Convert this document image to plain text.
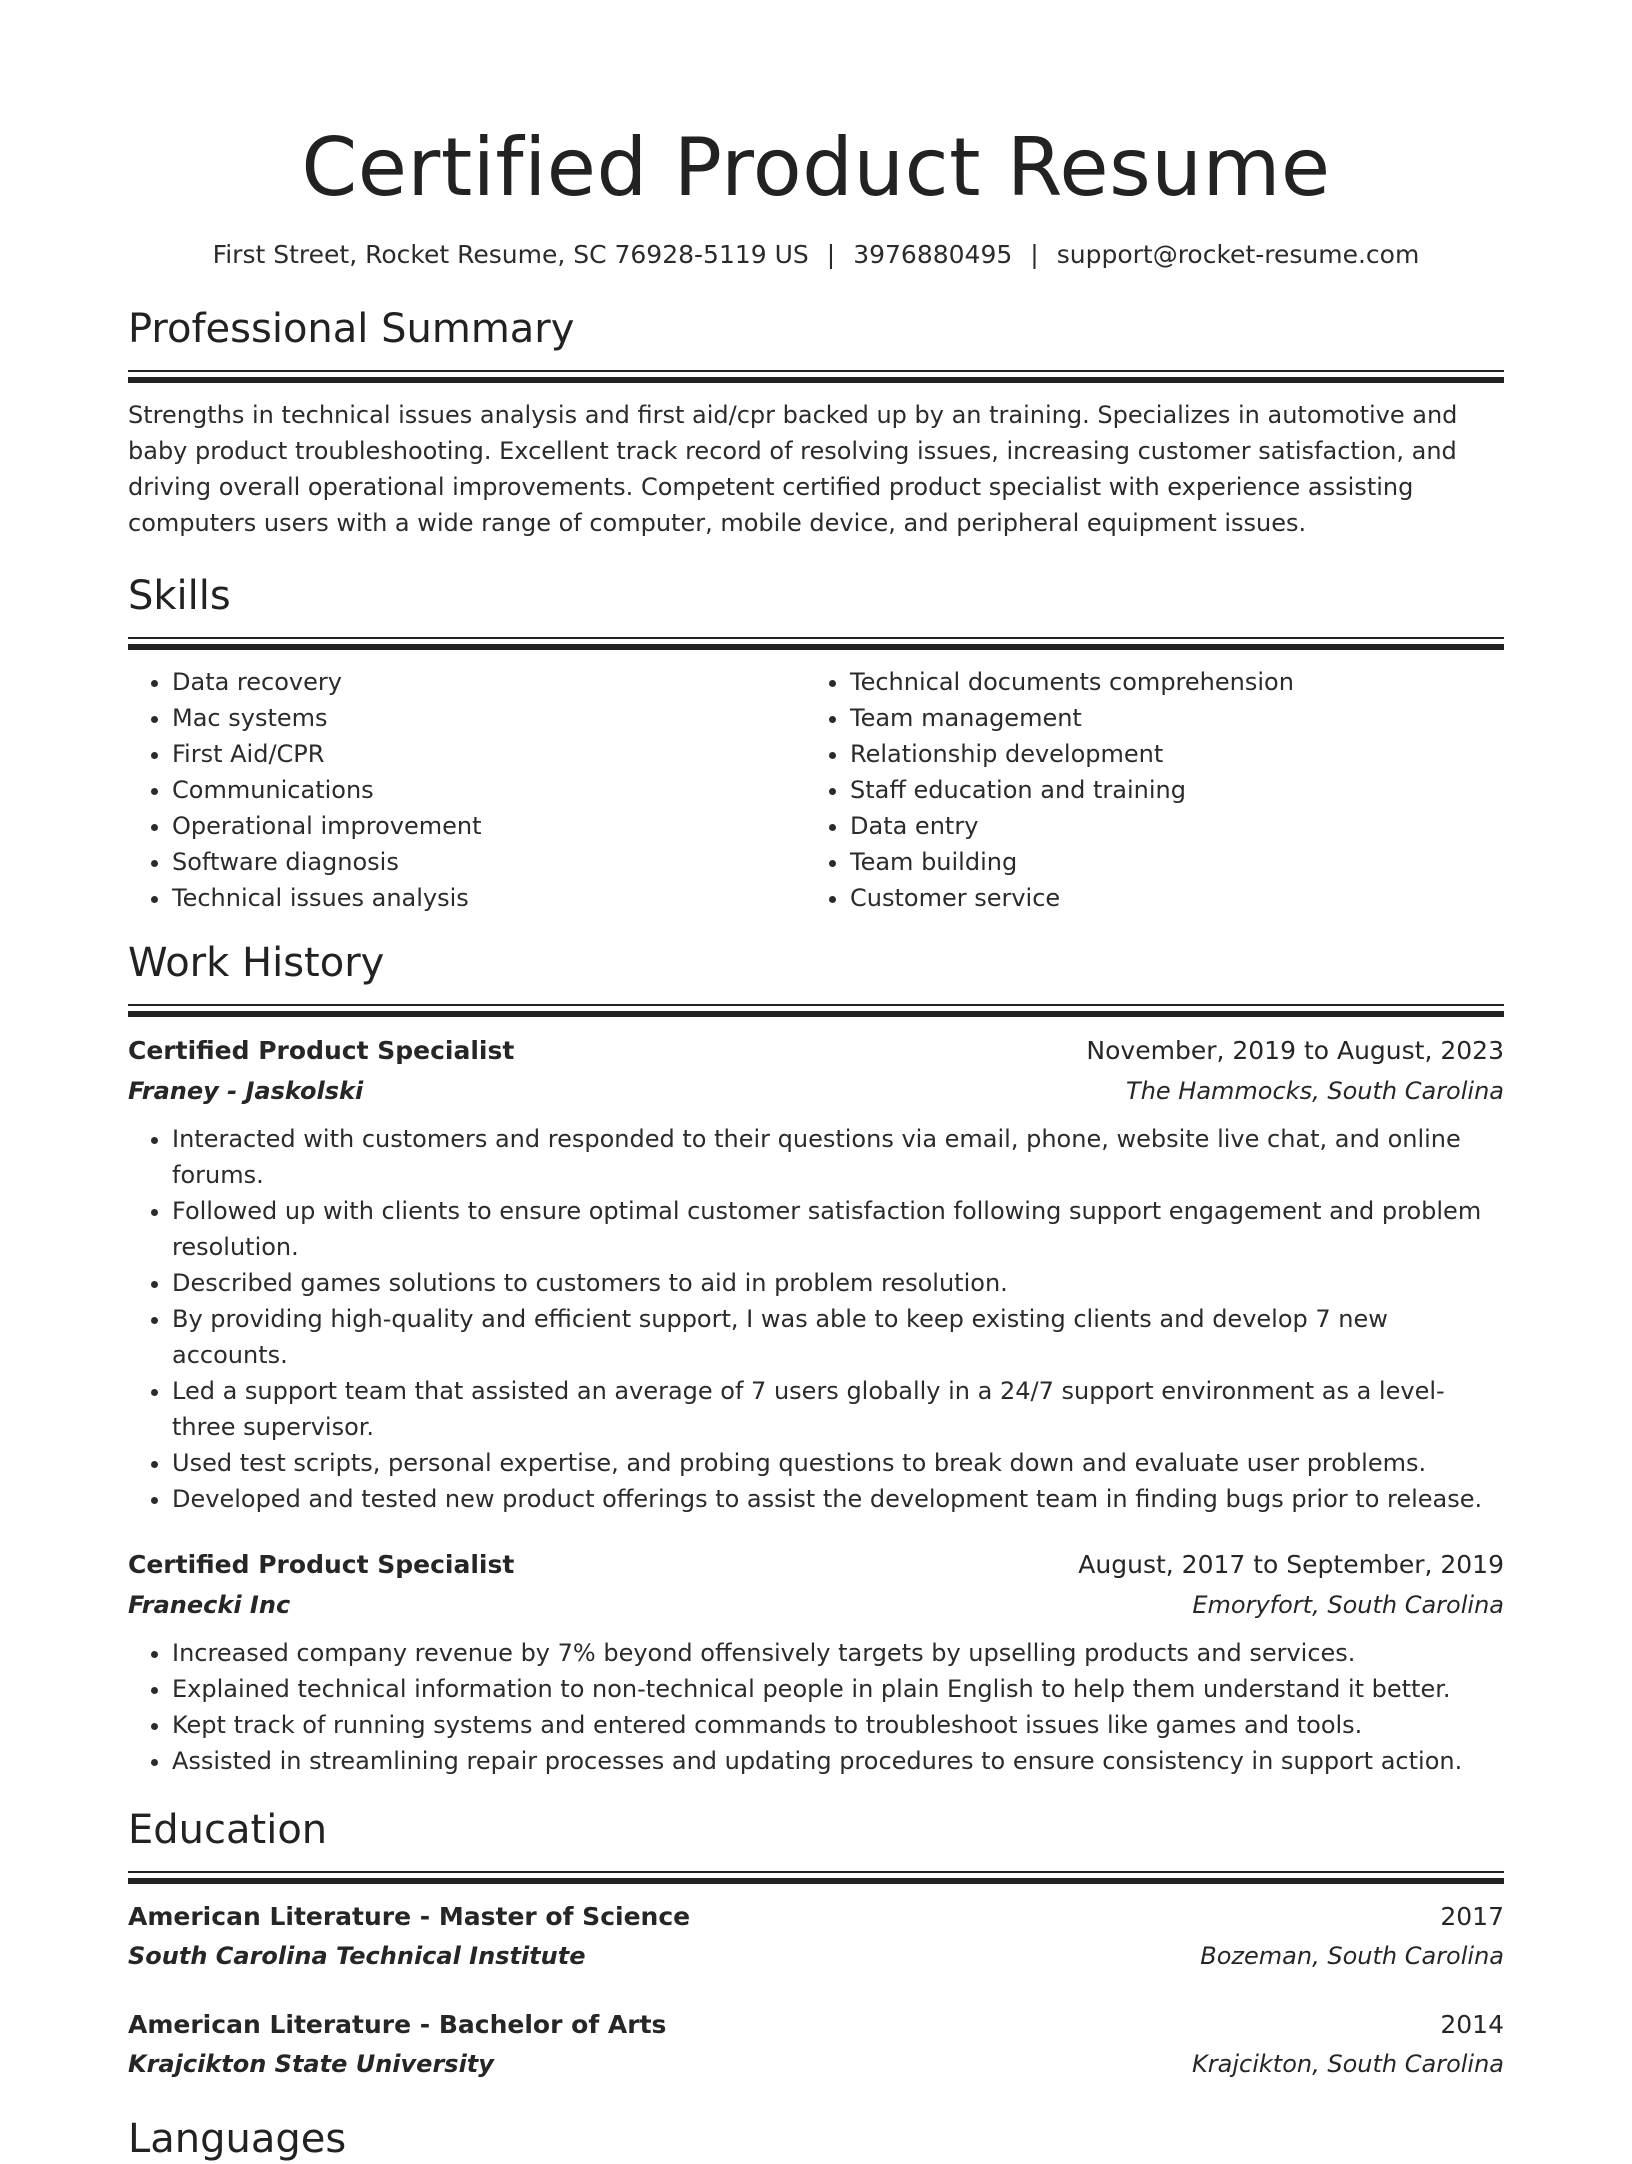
Certified Product Resume
First Street, Rocket Resume, SC 76928-5119 US | 3976880495 | support@rocket-resume.com
Professional Summary

Strengths in technical issues analysis and first aid/cpr backed up by an training. Specializes in automotive and baby product troubleshooting. Excellent track record of resolving issues, increasing customer satisfaction, and driving overall operational improvements. Competent certified product specialist with experience assisting computers users with a wide range of computer, mobile device, and peripheral equipment issues.

Skills
• Data recovery
• Mac systems
• First Aid/CPR
• Communications
• Operational improvement
• Software diagnosis
• Technical issues analysis
• Technical documents comprehension
• Team management
• Relationship development
• Staff education and training
• Data entry
• Team building
• Customer service
Work History
Certified Product Specialist	November, 2019 to August, 2023
Franey - Jaskolski	The Hammocks, South Carolina
• Interacted with customers and responded to their questions via email, phone, website live chat, and online forums.
• Followed up with clients to ensure optimal customer satisfaction following support engagement and problem resolution.
• Described games solutions to customers to aid in problem resolution.
• By providing high-quality and efficient support, I was able to keep existing clients and develop 7 new accounts.
• Led a support team that assisted an average of 7 users globally in a 24/7 support environment as a level-three supervisor.
• Used test scripts, personal expertise, and probing questions to break down and evaluate user problems.
• Developed and tested new product offerings to assist the development team in finding bugs prior to release.
Certified Product Specialist	August, 2017 to September, 2019
Franecki Inc	Emoryfort, South Carolina
• Increased company revenue by 7% beyond offensively targets by upselling products and services.
• Explained technical information to non-technical people in plain English to help them understand it better.
• Kept track of running systems and entered commands to troubleshoot issues like games and tools.
• Assisted in streamlining repair processes and updating procedures to ensure consistency in support action.
Education
American Literature - Master of Science	2017
South Carolina Technical Institute	Bozeman, South Carolina
American Literature - Bachelor of Arts	2014
Krajcikton State University	Krajcikton, South Carolina
Languages
